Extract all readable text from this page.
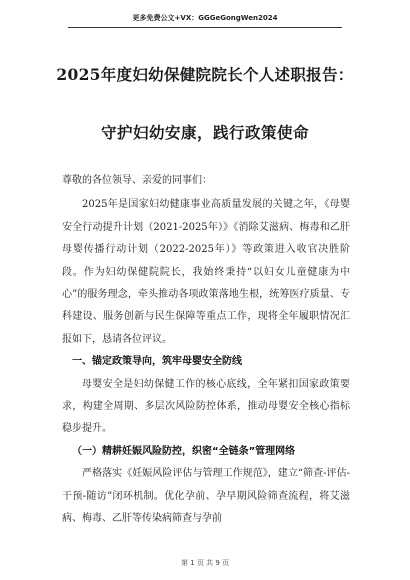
更多免费公文+VX：GGGeGongWen2024
2025年度妇幼保健院院长个人述职报告：
守护妇幼安康，践行政策使命

尊敬的各位领导、亲爱的同事们：

2025年是国家妇幼健康事业高质量发展的关键之年，《母婴安全行动提升计划（2021-2025年）》《消除艾滋病、梅毒和乙肝母婴传播行动计划（2022-2025年）》等政策进入收官决胜阶段。作为妇幼保健院院长，我始终秉持“以妇女儿童健康为中心”的服务理念，牵头推动各项政策落地生根，统筹医疗质量、专科建设、服务创新与民生保障等重点工作，现将全年履职情况汇报如下，恳请各位评议。

一、锚定政策导向，筑牢母婴安全防线

母婴安全是妇幼保健工作的核心底线，全年紧扣国家政策要求，构建全周期、多层次风险防控体系，推动母婴安全核心指标稳步提升。

（一）精耕妊娠风险防控，织密“全链条”管理网络

严格落实《妊娠风险评估与管理工作规范》，建立“筛查-评估-干预-随访”闭环机制。优化孕前、孕早期风险筛查流程，将艾滋病、梅毒、乙肝等传染病筛查与孕前

第 1 页 共 9 页
